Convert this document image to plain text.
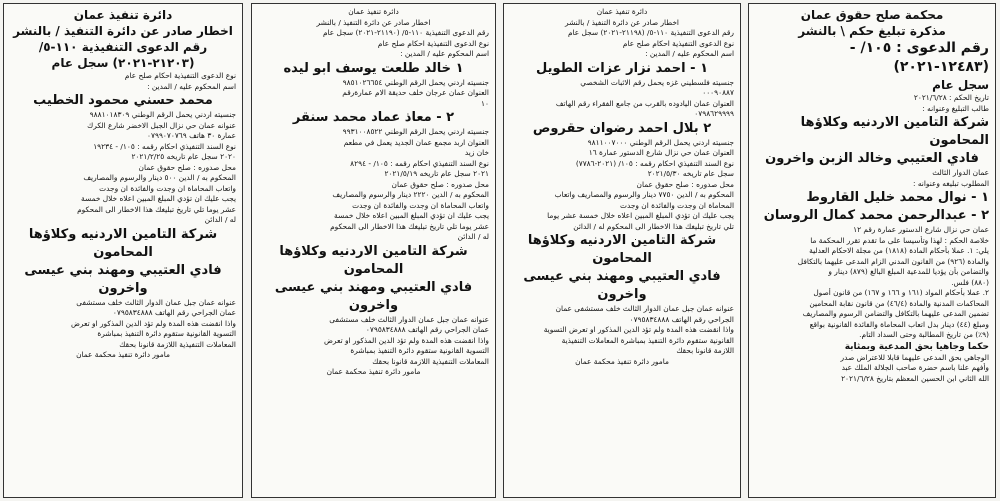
دائرة تنفيذ عمان
اخطار صادر عن دائرة التنفيذ / بالنشر
رقم الدعوى التنفيذية ١١٠-٥/
(٢١٢٠٣-٢٠٢١) سجل عام
نوع الدعوى التنفيذية احكام صلح عام
اسم المحكوم عليه / المدين :
محمد حسني محمود الخطيب
جنسيته اردني يحمل الرقم الوطني ٩٨٨١٠١٨٣٠٩
عنوانه عمان حي نزال الجبل الاخضر شارع الكرك
عمارة ٣٠ هاتف ٠٧٩٩٠٧٠٧٦٩
نوع السند التنفيذي احكام رقمه : ١٠٥/ - ١٩٢٣٤
٢٠٢٠ سجل عام تاريخه ٢٠٢١/٢/٢٥
محل صدوره : صلح حقوق عمان
المحكوم به / الدين ٥٠٠ دينار والرسوم والمصاريف
واتعاب المحاماة ان وجدت والفائدة ان وجدت
يجب عليك ان تؤدي المبلغ المبين اعلاه خلال خمسة
عشر يوما تلي تاريخ تبليغك هذا الاخطار الى المحكوم
له / الدائن
شركة التامين الاردنيه وكلاؤها المحامون
فادي العتيبي ومهند بني عيسى واخرون
عنوانه عمان جبل عمان الدوار الثالث خلف مستشفى
عمان الجراحي رقم الهاتف ٠٧٩٥٨٣٤٨٨٨
واذا انقضت هذه المدة ولم تؤد الدين المذكور او تعرض
التسوية القانونية ستقوم دائرة التنفيذ بمباشرة
المعاملات التنفيذية اللازمة قانونا بحقك
مامور دائرة تنفيذ محكمة عمان
دائرة تنفيذ عمان
اخطار صادر عن دائرة التنفيذ / بالنشر
رقم الدعوى التنفيذية ١١٠-٥/ (٢١١٩٠-٢٠٢١) سجل عام
نوع الدعوى التنفيذية احكام صلح عام
اسم المحكوم عليه / المدين :
١ خالد طلعت يوسف ابو ليده
جنسيته اردني يحمل الرقم الوطني ٩٨٥١٠٢٦٦٥٤
العنوان عمان عرجان خلف حديقة الام عمارةرقم
١٠
٢ - معاذ عماد محمد سنقر
جنسيته اردني يحمل الرقم الوطني ٩٩٣١٠٠٨٥٢٢
العنوان اربد مجمع عمان الجديد يعمل في مطعم
خان زيد
نوع السند التنفيذي احكام رقمه : ١٠٥/ - ٨٢٩٤
٢٠٢١ سجل عام تاريخه ٢٠٢١/٥/١٩
محل صدوره : صلح حقوق عمان
المحكوم به / الدين ٢٢٢٠ دينار والرسوم والمصاريف
واتعاب المحاماة ان وجدت والفائدة ان وجدت
يجب عليك ان تؤدي المبلغ المبين اعلاه خلال خمسة
عشر يوما تلي تاريخ تبليغك هذا الاخطار الى المحكوم
له / الدائن
شركة التامين الاردنيه وكلاؤها المحامون
فادي العتيبي ومهند بني عيسى واخرون
عنوانه عمان جبل عمان الدوار الثالث خلف مستشفى
عمان الجراحي رقم الهاتف ٠٧٩٥٨٣٤٨٨٨
واذا انقضت هذه المدة ولم تؤد الدين المذكور او تعرض
التسوية القانونية ستقوم دائرة التنفيذ بمباشرة
المعاملات التنفيذية اللازمة قانونا بحقك
مامور دائرة تنفيذ محكمة عمان
دائرة تنفيذ عمان
اخطار صادر عن دائرة التنفيذ / بالنشر
رقم الدعوى التنفيذية ١١٠-٥/ (٢١١٩٨-٢٠٢١) سجل عام
نوع الدعوى التنفيذية احكام صلح عام
اسم المحكوم عليه / المدين :
١ - احمد نزار عزات الطويل
جنسيته فلسطيني غزه يحمل رقم الاثبات الشخصي
٠٠٠٩٠٨٨٧
العنوان عمان اليادوده بالقرب من جامع الفقراء رقم الهاتف
٠٧٩٨٦٢٩٩٩٩
٢ بلال احمد رضوان حقروص
جنسيته اردني يحمل الرقم الوطني ٩٨١١٠٠٧٠٠٠
العنوان عمان حي نزال شارع الدستور عمارة ١٦
نوع السند التنفيذي احكام رقمه : ١٠٥/ (٢٠٢١-٧٧٨٦)
سجل عام تاريخه ٢٠٢١/٥/٣٠
محل صدوره : صلح حقوق عمان
المحكوم به / الدين ٧٧٥٠ دينار والرسوم والمصاريف واتعاب
المحاماة ان وجدت والفائدة ان وجدت
يجب عليك ان تؤدي المبلغ المبين اعلاه خلال خمسة عشر يوما
تلي تاريخ تبليغك هذا الاخطار الى المحكوم له / الدائن
شركة التامين الاردنيه وكلاؤها المحامون
فادي العتيبي ومهند بني عيسى واخرون
عنوانه عمان جبل عمان الدوار الثالث خلف مستشفى عمان
الجراحي رقم الهاتف ٠٧٩٥٨٣٤٨٨٨
واذا انقضت هذه المدة ولم تؤد الدين المذكور او تعرض التسوية
القانونية ستقوم دائرة التنفيذ بمباشرة المعاملات التنفيذية
اللازمة قانونا بحقك
مامور دائرة تنفيذ محكمة عمان
محكمة صلح حقوق عمان
مذكرة تبليغ حكم \ بالنشر
رقم الدعوى : ١٠٥/ - (١٢٤٨٣-٢٠٢١)
سجل عام
تاريخ الحكم : ٢٠٢١/٦/٢٨
طالب التبليغ وعنوانه :
شركة التامين الاردنيه وكلاؤها المحامون
فادي العتيبي وخالد الزبن واخرون
عمان الدوار الثالث
المطلوب تبليغه وعنوانه :
١ - نوال محمد خليل القاروط
٢ - عبدالرحمن محمد كمال الروسان
عمان حي نزال شارع الدستور عمارة رقم ١٢
خلاصة الحكم : لهذا وتأسيسا على ما تقدم تقرر المحكمة ما
يلي: ١. عملا بأحكام المادة (١٨١٨) من مجلة الاحكام العدلية
والمادة (٩٢٦) من القانون المدني الزام المدعى عليهما بالتكافل
والتضامن بأن يؤديا للمدعية المبلغ البالغ (٨٧٩) دينار و
(٨٨٠) فلس.
٢. عملا بأحكام المواد (١٦١ و ١٦٦ و ١٦٧) من قانون أصول
المحاكمات المدنية والمادة (٤٦/٤) من قانون نقابة المحامين
تضمين المدعى عليهما بالتكافل والتضامن الرسوم والمصاريف
ومبلغ (٤٤) دينار بدل اتعاب المحاماة والفائدة القانونية بواقع
(٩٪) من تاريخ المطالبة وحتى السداد التام.
حكما وجاهيا بحق المدعية وبمثابة
الوجاهي بحق المدعى عليهما قابلا للاعتراض صدر
وأفهم علنا باسم حضرة صاحب الجلالة الملك عبد
الله الثاني ابن الحسين المعظم بتاريخ ٢٠٢١/٦/٢٨
